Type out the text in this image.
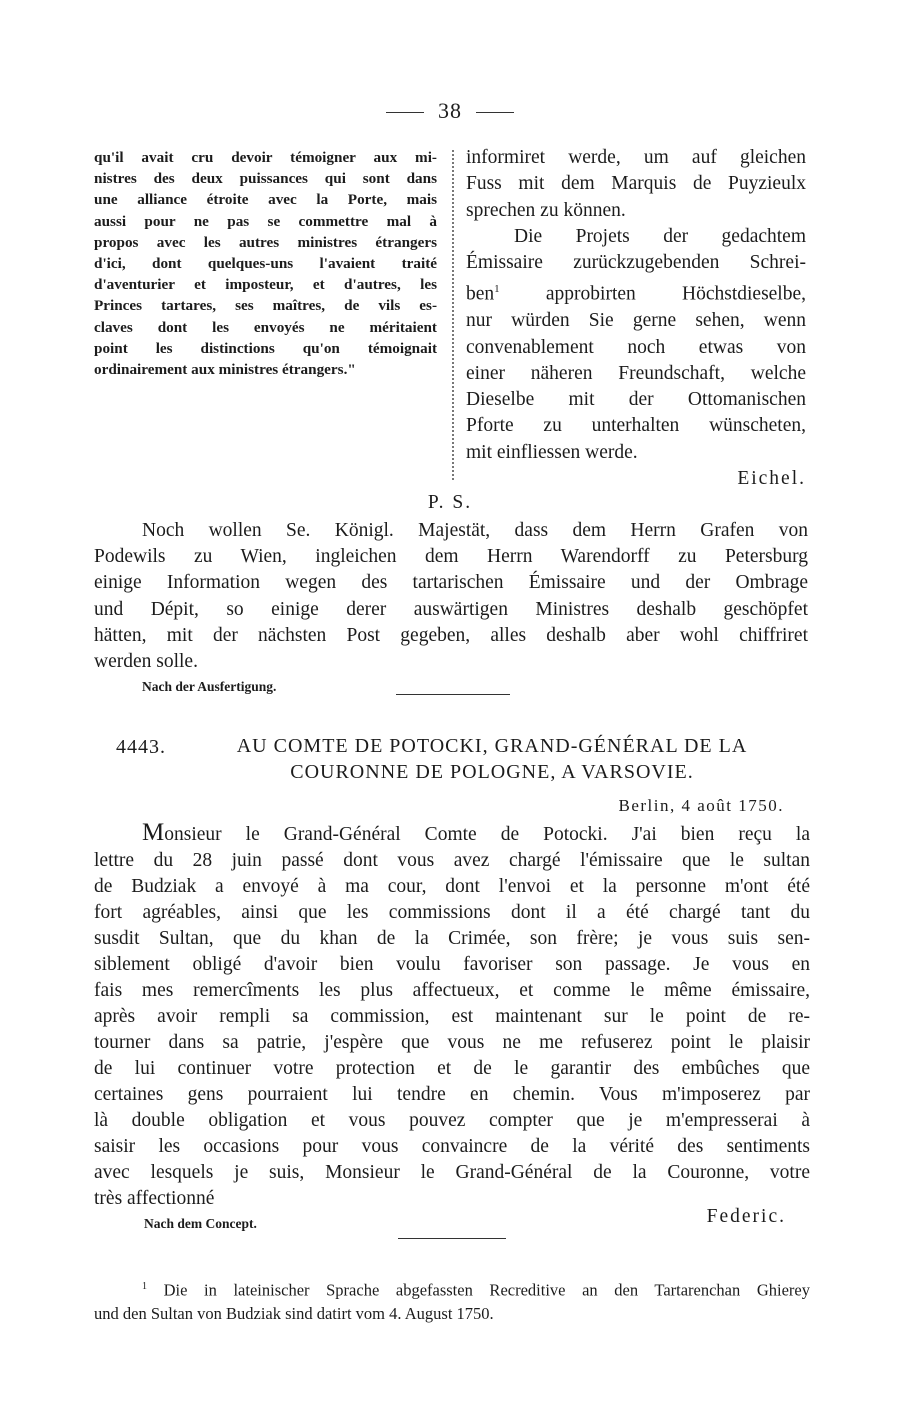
38
qu'il avait cru devoir témoigner aux mi-
nistres des deux puissances qui sont dans
une alliance étroite avec la Porte, mais
aussi pour ne pas se commettre mal à
propos avec les autres ministres étrangers
d'ici, dont quelques-uns l'avaient traité
d'aventurier et imposteur, et d'autres, les
Princes tartares, ses maîtres, de vils es-
claves dont les envoyés ne méritaient
point les distinctions qu'on témoignait
ordinairement aux ministres étrangers."
informiret werde, um auf gleichen
Fuss mit dem Marquis de Puyzieulx
sprechen zu können.
Die Projets der gedachtem
Émissaire zurückzugebenden Schrei-
ben$^1$ approbirten Höchstdieselbe,
nur würden Sie gerne sehen, wenn
convenablement noch etwas von
einer näheren Freundschaft, welche
Dieselbe mit der Ottomanischen
Pforte zu unterhalten wünscheten,
mit einfliessen werde.
Eichel.
P. S.
Noch wollen Se. Königl. Majestät, dass dem Herrn Grafen von
Podewils zu Wien, ingleichen dem Herrn Warendorff zu Petersburg
einige Information wegen des tartarischen Émissaire und der Ombrage
und Dépit, so einige derer auswärtigen Ministres deshalb geschöpfet
hätten, mit der nächsten Post gegeben, alles deshalb aber wohl chiffriret
werden solle.
Nach der Ausfertigung.
4443.	AU COMTE DE POTOCKI, GRAND-GÉNÉRAL DE LA
COURONNE DE POLOGNE, A VARSOVIE.
Berlin, 4 août 1750.
Monsieur le Grand-Général Comte de Potocki. J'ai bien reçu la
lettre du 28 juin passé dont vous avez chargé l'émissaire que le sultan
de Budziak a envoyé à ma cour, dont l'envoi et la personne m'ont été
fort agréables, ainsi que les commissions dont il a été chargé tant du
susdit Sultan, que du khan de la Crimée, son frère; je vous suis sen-
siblement obligé d'avoir bien voulu favoriser son passage. Je vous en
fais mes remercîments les plus affectueux, et comme le même émissaire,
après avoir rempli sa commission, est maintenant sur le point de re-
tourner dans sa patrie, j'espère que vous ne me refuserez point le plaisir
de lui continuer votre protection et de le garantir des embûches que
certaines gens pourraient lui tendre en chemin. Vous m'imposerez par
là double obligation et vous pouvez compter que je m'empresserai à
saisir les occasions pour vous convaincre de la vérité des sentiments
avec lesquels je suis, Monsieur le Grand-Général de la Couronne, votre
très affectionné
Federic.
Nach dem Concept.
$^1$ Die in lateinischer Sprache abgefassten Recreditive an den Tartarenchan Ghierey
und den Sultan von Budziak sind datirt vom 4. August 1750.
